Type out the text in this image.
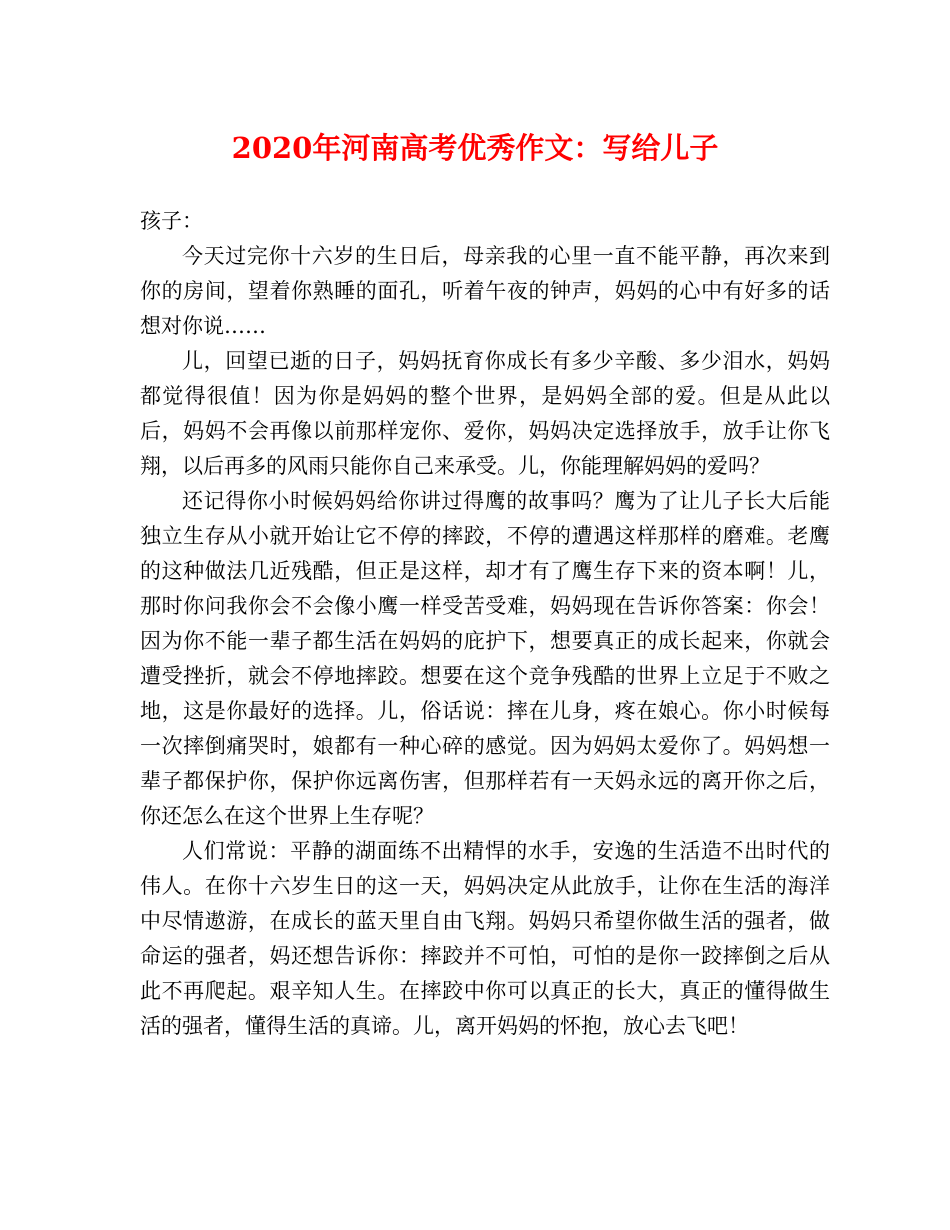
2020年河南高考优秀作文：写给儿子

孩子：

今天过完你十六岁的生日后，母亲我的心里一直不能平静，再次来到你的房间，望着你熟睡的面孔，听着午夜的钟声，妈妈的心中有好多的话想对你说……

儿，回望已逝的日子，妈妈抚育你成长有多少辛酸、多少泪水，妈妈都觉得很值！因为你是妈妈的整个世界，是妈妈全部的爱。但是从此以后，妈妈不会再像以前那样宠你、爱你，妈妈决定选择放手，放手让你飞翔，以后再多的风雨只能你自己来承受。儿，你能理解妈妈的爱吗？

还记得你小时候妈妈给你讲过得鹰的故事吗？鹰为了让儿子长大后能独立生存从小就开始让它不停的摔跤，不停的遭遇这样那样的磨难。老鹰的这种做法几近残酷，但正是这样，却才有了鹰生存下来的资本啊！儿，那时你问我你会不会像小鹰一样受苦受难，妈妈现在告诉你答案：你会！因为你不能一辈子都生活在妈妈的庇护下，想要真正的成长起来，你就会遭受挫折，就会不停地摔跤。想要在这个竞争残酷的世界上立足于不败之地，这是你最好的选择。儿，俗话说：摔在儿身，疼在娘心。你小时候每一次摔倒痛哭时，娘都有一种心碎的感觉。因为妈妈太爱你了。妈妈想一辈子都保护你，保护你远离伤害，但那样若有一天妈永远的离开你之后，你还怎么在这个世界上生存呢？

人们常说：平静的湖面练不出精悍的水手，安逸的生活造不出时代的伟人。在你十六岁生日的这一天，妈妈决定从此放手，让你在生活的海洋中尽情遨游，在成长的蓝天里自由飞翔。妈妈只希望你做生活的强者，做命运的强者，妈还想告诉你：摔跤并不可怕，可怕的是你一跤摔倒之后从此不再爬起。艰辛知人生。在摔跤中你可以真正的长大，真正的懂得做生活的强者，懂得生活的真谛。儿，离开妈妈的怀抱，放心去飞吧！
